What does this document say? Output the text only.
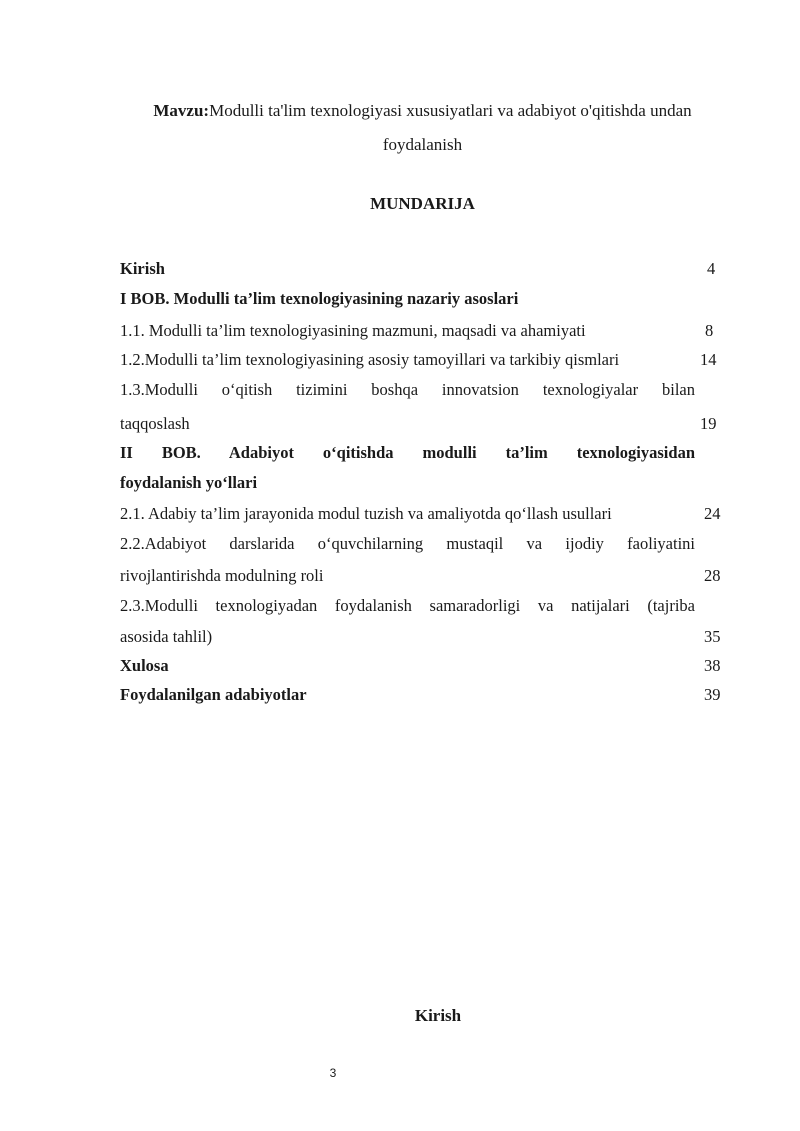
Mavzu:Modulli ta'lim texnologiyasi xususiyatlari va adabiyot o'qitishda undan
foydalanish
MUNDARIJA
Kirish	4
I BOB. Modulli ta’lim texnologiyasining nazariy asoslari
1.1. Modulli ta’lim texnologiyasining mazmuni, maqsadi va ahamiyati	8
1.2.Modulli ta’lim texnologiyasining asosiy tamoyillari va tarkibiy qismlari	14
1.3.Modulli o‘qitish tizimini boshqa innovatsion texnologiyalar bilan
taqqoslash	19
II BOB. Adabiyot o‘qitishda modulli ta’lim texnologiyasidan
foydalanish yo‘llari
2.1. Adabiy ta’lim jarayonida modul tuzish va amaliyotda qo‘llash usullari	24
2.2.Adabiyot darslarida o‘quvchilarning mustaqil va ijodiy faoliyatini
rivojlantirishda modulning roli	28
2.3.Modulli texnologiyadan foydalanish samaradorligi va natijalari (tajriba
asosida tahlil)	35
Xulosa	38
Foydalanilgan adabiyotlar	39
Kirish
3
